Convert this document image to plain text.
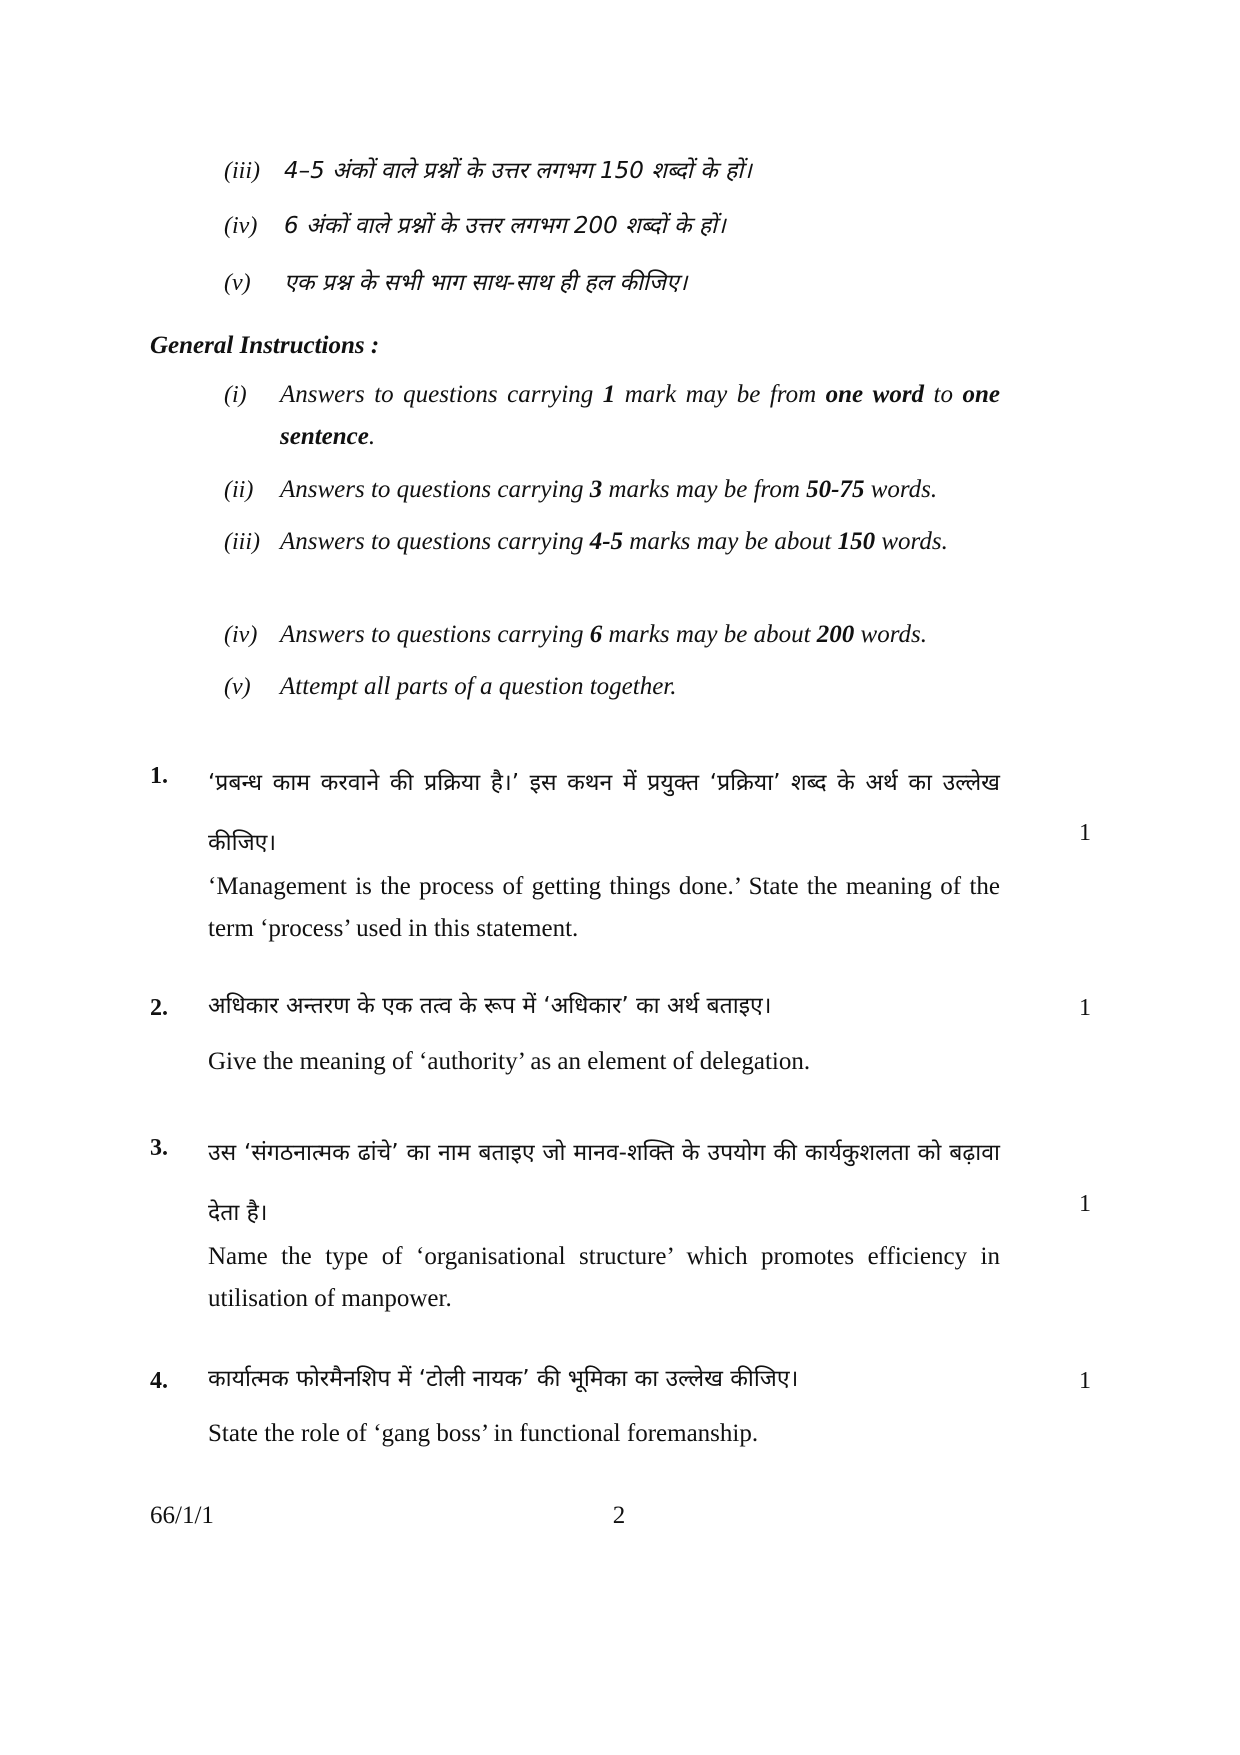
(iii) 4–5 अंकों वाले प्रश्नों के उत्तर लगभग 150 शब्दों के हों।
(iv) 6 अंकों वाले प्रश्नों के उत्तर लगभग 200 शब्दों के हों।
(v) एक प्रश्न के सभी भाग साथ-साथ ही हल कीजिए।
General Instructions :
(i) Answers to questions carrying 1 mark may be from one word to one sentence.
(ii) Answers to questions carrying 3 marks may be from 50-75 words.
(iii) Answers to questions carrying 4-5 marks may be about 150 words.
(iv) Answers to questions carrying 6 marks may be about 200 words.
(v) Attempt all parts of a question together.
1. ‘प्रबन्ध काम करवाने की प्रक्रिया है।’ इस कथन में प्रयुक्त ‘प्रक्रिया’ शब्द के अर्थ का उल्लेख कीजिए।	1
‘Management is the process of getting things done.’ State the meaning of the term ‘process’ used in this statement.
2. अधिकार अन्तरण के एक तत्व के रूप में ‘अधिकार’ का अर्थ बताइए।	1
Give the meaning of ‘authority’ as an element of delegation.
3. उस ‘संगठनात्मक ढांचे’ का नाम बताइए जो मानव-शक्ति के उपयोग की कार्यकुशलता को बढ़ावा देता है।	1
Name the type of ‘organisational structure’ which promotes efficiency in utilisation of manpower.
4. कार्यात्मक फोरमैनशिप में ‘टोली नायक’ की भूमिका का उल्लेख कीजिए।	1
State the role of ‘gang boss’ in functional foremanship.
66/1/1	2
